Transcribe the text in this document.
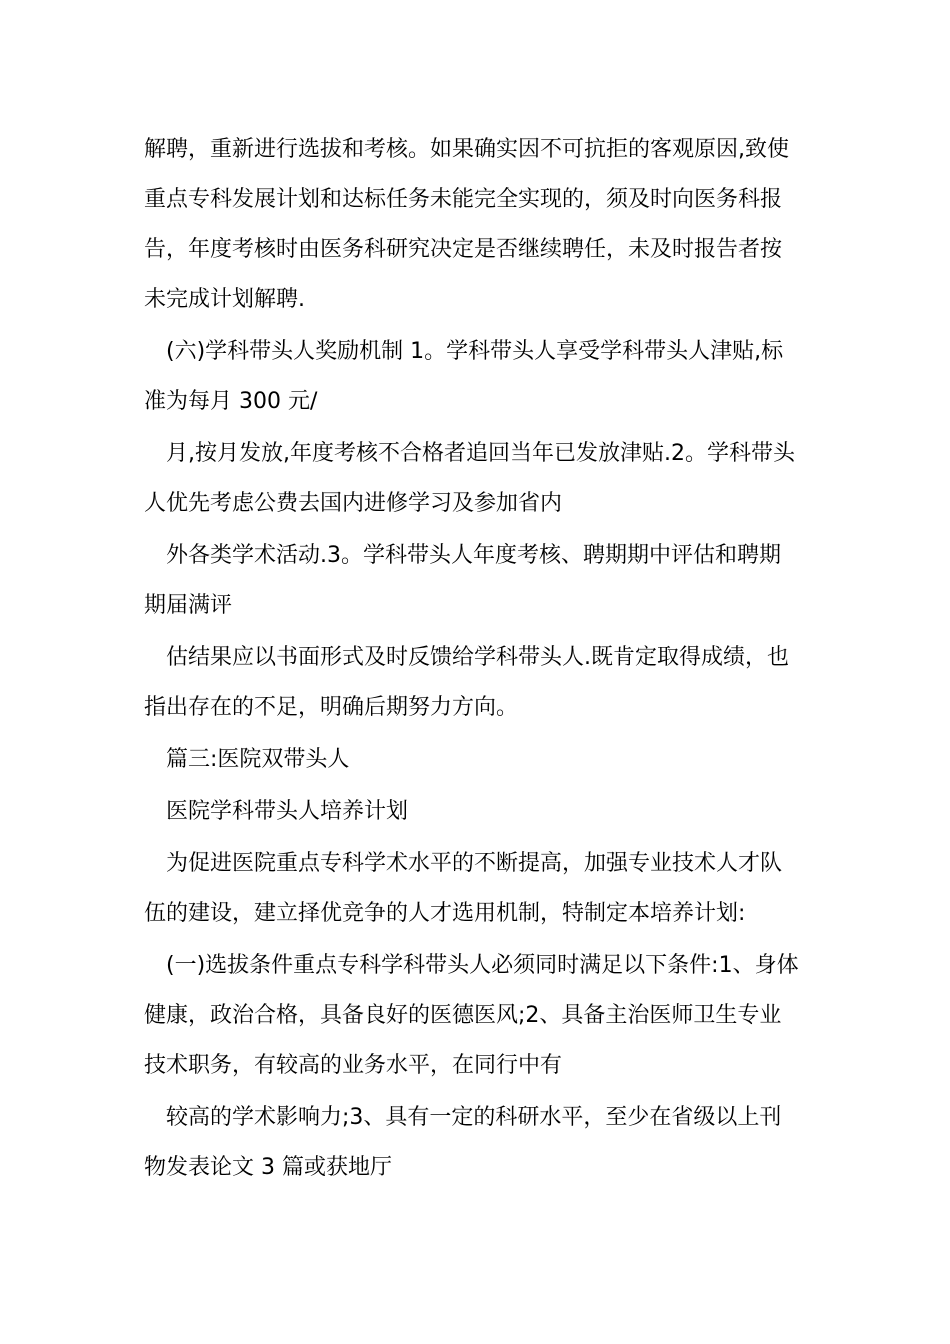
解聘，重新进行选拔和考核。如果确实因不可抗拒的客观原因,致使
重点专科发展计划和达标任务未能完全实现的，须及时向医务科报
告，年度考核时由医务科研究决定是否继续聘任，未及时报告者按
未完成计划解聘.
(六)学科带头人奖励机制 1。学科带头人享受学科带头人津贴,标
准为每月 300 元/
月,按月发放,年度考核不合格者追回当年已发放津贴.2。学科带头
人优先考虑公费去国内进修学习及参加省内
外各类学术活动.3。学科带头人年度考核、聘期期中评估和聘期
期届满评
估结果应以书面形式及时反馈给学科带头人.既肯定取得成绩，也
指出存在的不足，明确后期努力方向。
篇三:医院双带头人
医院学科带头人培养计划
为促进医院重点专科学术水平的不断提高，加强专业技术人才队
伍的建设，建立择优竞争的人才选用机制，特制定本培养计划:
(一)选拔条件重点专科学科带头人必须同时满足以下条件:1、身体
健康，政治合格，具备良好的医德医风;2、具备主治医师卫生专业
技术职务，有较高的业务水平，在同行中有
较高的学术影响力;3、具有一定的科研水平，至少在省级以上刊
物发表论文 3 篇或获地厅
